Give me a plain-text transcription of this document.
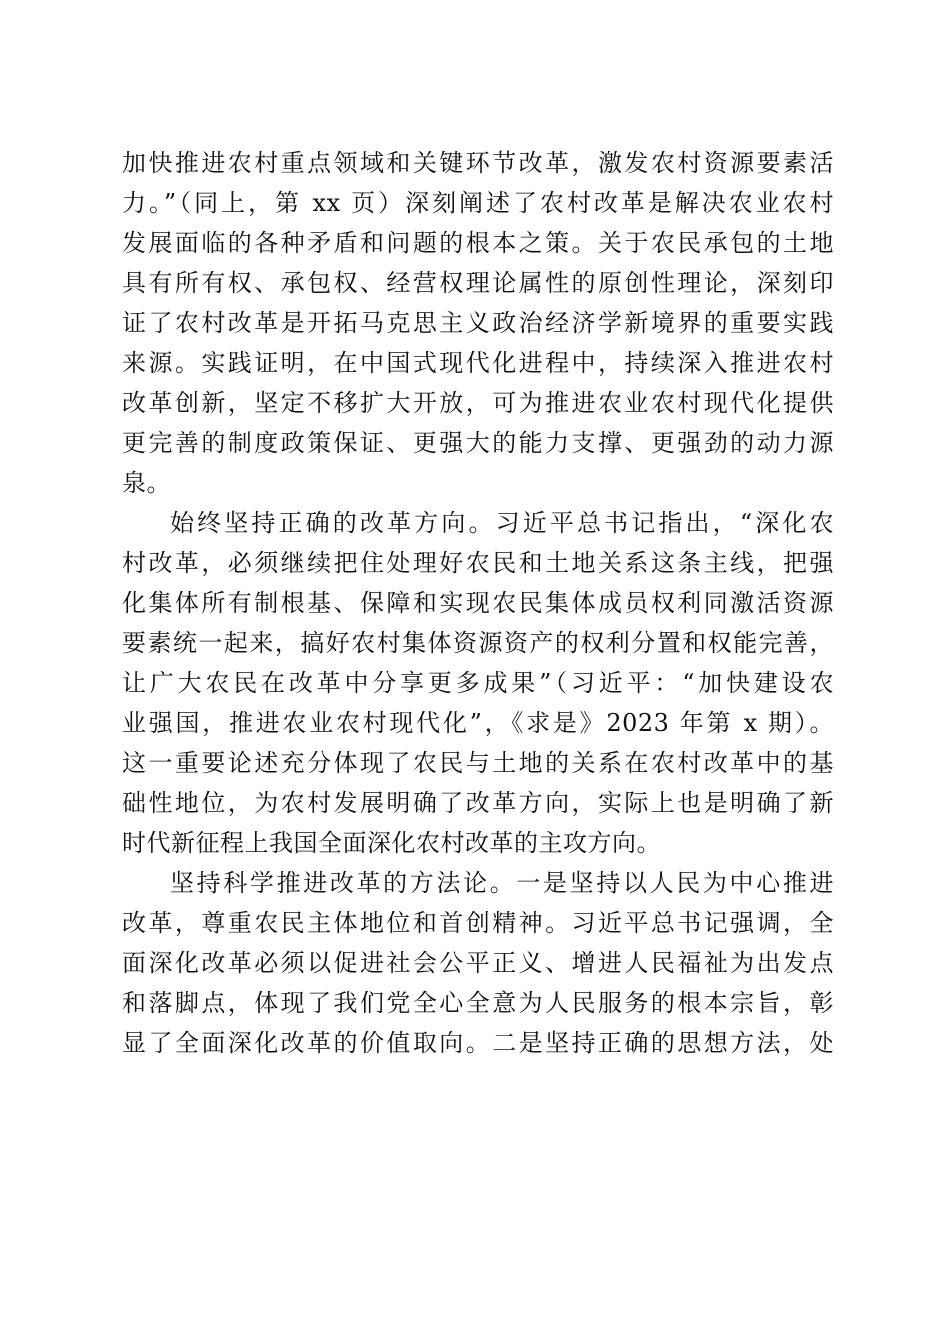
加快推进农村重点领域和关键环节改革，激发农村资源要素活
力。”（同上，第 xx 页）深刻阐述了农村改革是解决农业农村
发展面临的各种矛盾和问题的根本之策。关于农民承包的土地
具有所有权、承包权、经营权理论属性的原创性理论，深刻印
证了农村改革是开拓马克思主义政治经济学新境界的重要实践
来源。实践证明，在中国式现代化进程中，持续深入推进农村
改革创新，坚定不移扩大开放，可为推进农业农村现代化提供
更完善的制度政策保证、更强大的能力支撑、更强劲的动力源
泉。
始终坚持正确的改革方向。习近平总书记指出，“深化农
村改革，必须继续把住处理好农民和土地关系这条主线，把强
化集体所有制根基、保障和实现农民集体成员权利同激活资源
要素统一起来，搞好农村集体资源资产的权利分置和权能完善，
让广大农民在改革中分享更多成果”（习近平：“加快建设农
业强国，推进农业农村现代化”，《求是》2023 年第 x 期）。
这一重要论述充分体现了农民与土地的关系在农村改革中的基
础性地位，为农村发展明确了改革方向，实际上也是明确了新
时代新征程上我国全面深化农村改革的主攻方向。
坚持科学推进改革的方法论。一是坚持以人民为中心推进
改革，尊重农民主体地位和首创精神。习近平总书记强调，全
面深化改革必须以促进社会公平正义、增进人民福祉为出发点
和落脚点，体现了我们党全心全意为人民服务的根本宗旨，彰
显了全面深化改革的价值取向。二是坚持正确的思想方法，处
